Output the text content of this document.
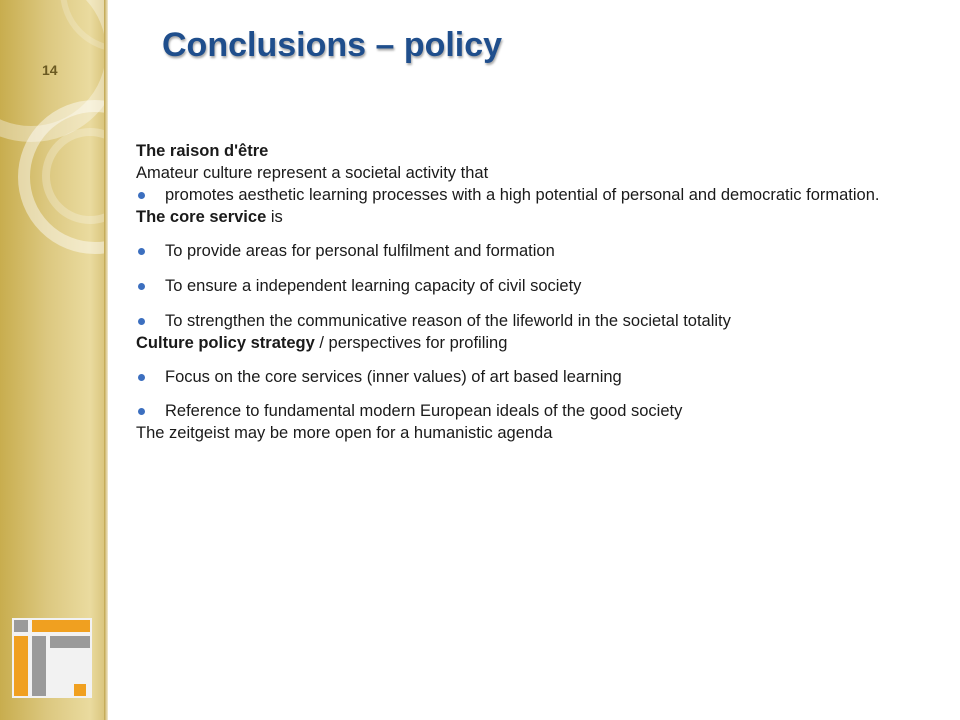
14
Conclusions – policy

The raison d'être

Amateur culture represent a societal activity that

promotes aesthetic learning processes with a high potential of personal and democratic formation.

The core service is

To provide areas for personal fulfilment and formation
To ensure a independent learning capacity of civil society
To strengthen the communicative reason of the lifeworld in the societal totality

Culture policy strategy / perspectives for profiling

Focus on the core services (inner values) of art based learning
Reference to fundamental modern European ideals of the good society

The zeitgeist may be more open for a humanistic agenda
